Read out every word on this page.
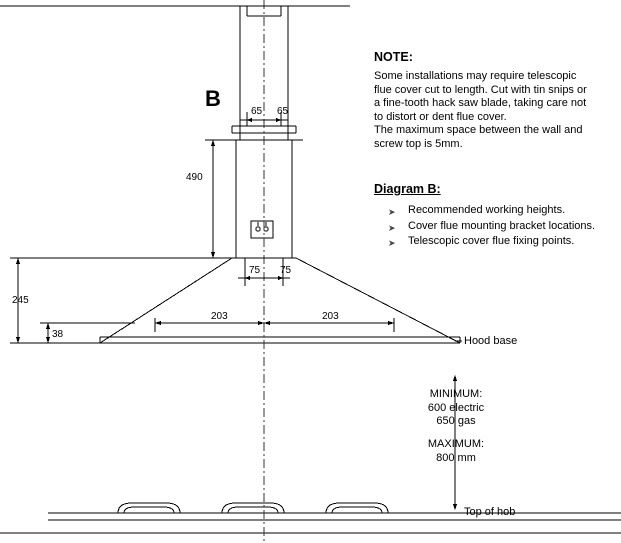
B
NOTE:
Some installations may require telescopic
flue cover cut to length. Cut with tin snips or
a fine-tooth hack saw blade, taking care not
to distort or dent flue cover.
The maximum space between the wall and
screw top is 5mm.
Diagram B:
➤ Recommended working heights.
➤ Cover flue mounting bracket locations.
➤ Telescopic cover flue fixing points.
65 65
490
75 75
245
38
203	203
Hood base
Top of hob
MINIMUM:
600 electric
650 gas
MAXIMUM:
800 mm
